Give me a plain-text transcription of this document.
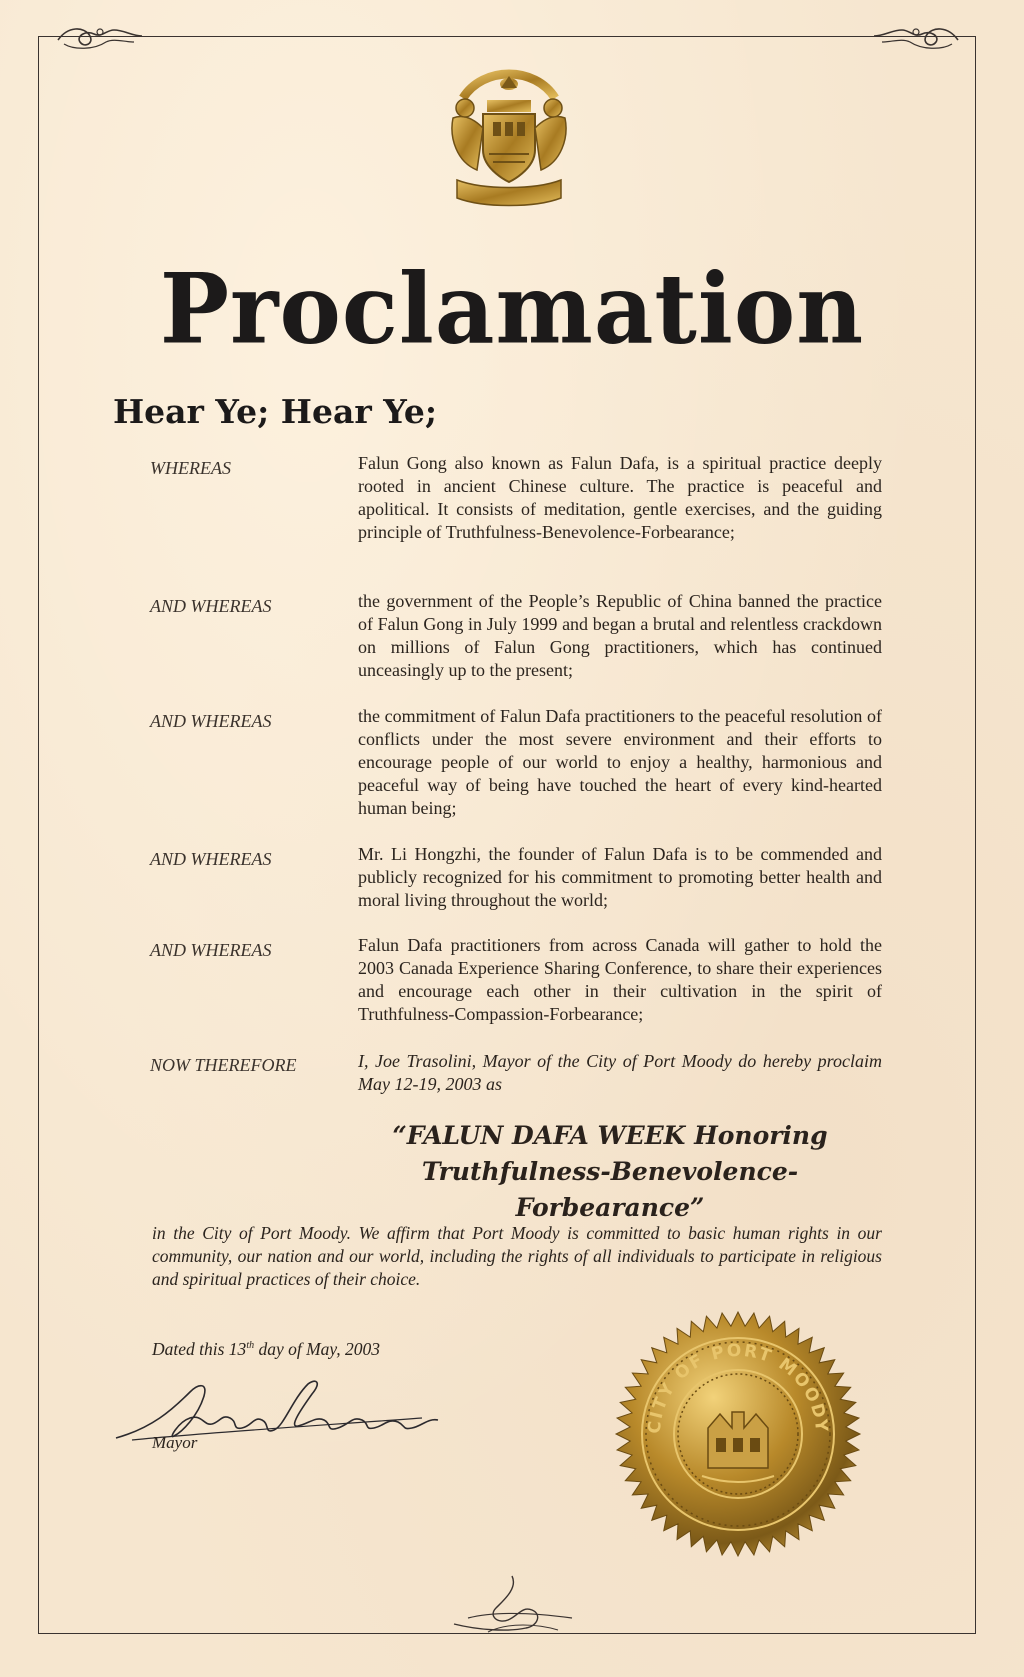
Proclamation
Hear Ye; Hear Ye;
WHEREAS	Falun Gong also known as Falun Dafa, is a spiritual practice deeply rooted in ancient Chinese culture. The practice is peaceful and apolitical. It consists of meditation, gentle exercises, and the guiding principle of Truthfulness-Benevolence-Forbearance;
AND WHEREAS	the government of the People’s Republic of China banned the practice of Falun Gong in July 1999 and began a brutal and relentless crackdown on millions of Falun Gong practitioners, which has continued unceasingly up to the present;
AND WHEREAS	the commitment of Falun Dafa practitioners to the peaceful resolution of conflicts under the most severe environment and their efforts to encourage people of our world to enjoy a healthy, harmonious and peaceful way of being have touched the heart of every kind-hearted human being;
AND WHEREAS	Mr. Li Hongzhi, the founder of Falun Dafa is to be commended and publicly recognized for his commitment to promoting better health and moral living throughout the world;
AND WHEREAS	Falun Dafa practitioners from across Canada will gather to hold the 2003 Canada Experience Sharing Conference, to share their experiences and encourage each other in their cultivation in the spirit of Truthfulness-Compassion-Forbearance;
NOW THEREFORE	I, Joe Trasolini, Mayor of the City of Port Moody do hereby proclaim May 12-19, 2003 as
“FALUN DAFA WEEK Honoring
Truthfulness-Benevolence-Forbearance”
in the City of Port Moody. We affirm that Port Moody is committed to basic human rights in our community, our nation and our world, including the rights of all individuals to participate in religious and spiritual practices of their choice.
Dated this 13th day of May, 2003
Mayor
CITY OF PORT MOODY
